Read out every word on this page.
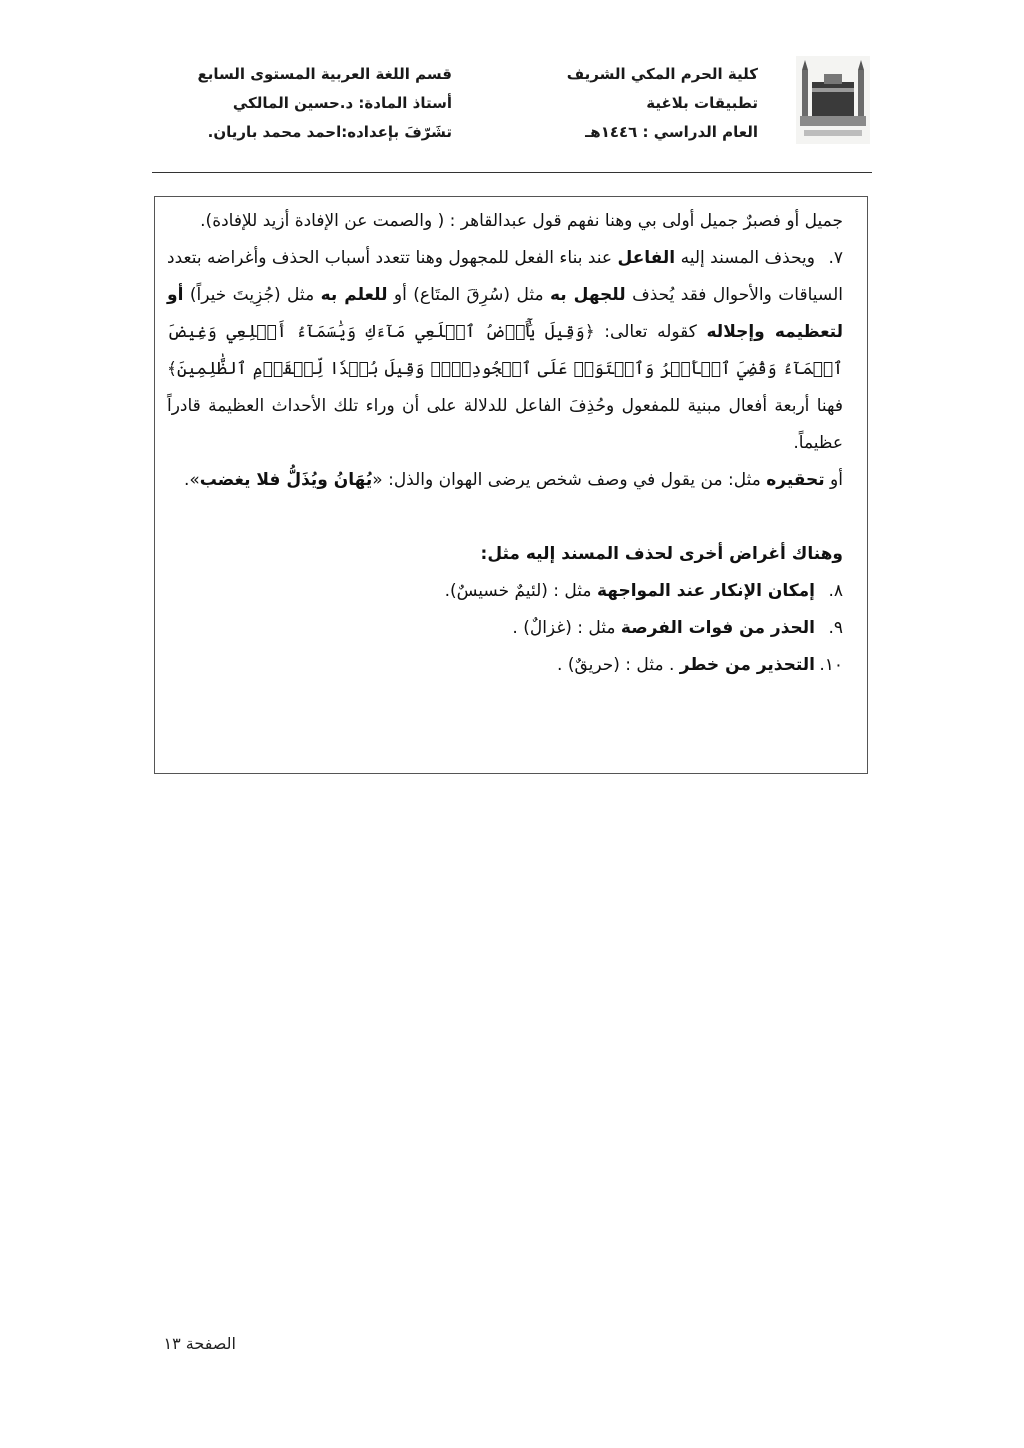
كلية الحرم المكي الشريف
تطبيقات بلاغية
العام الدراسي : ١٤٤٦هـ
قسم اللغة العربية المستوى السابع
أستاذ المادة: د.حسين المالكي
تشَرّفَ بإعداده:احمد محمد باريان.

جميل أو فصبرٌ جميل أولى بي وهنا نفهم قول عبدالقاهر : ( والصمت عن الإفادة أزيد للإفادة).

٧.ويحذف المسند إليه الفاعل عند بناء الفعل للمجهول وهنا تتعدد أسباب الحذف وأغراضه بتعدد السياقات والأحوال فقد يُحذف للجهل به مثل (سُرِقَ المتَاع) أو للعلم به مثل (جُزِيتَ خيراً) أو لتعظيمه وإجلاله كقوله تعالى: ﴿وَقِيلَ يَٰٓأَرۡضُ ٱبۡلَعِي مَآءَكِ وَيَٰسَمَآءُ أَقۡلِعِي وَغِيضَ ٱلۡمَآءُ وَقُضِيَ ٱلۡأَمۡرُ وَٱسۡتَوَتۡ عَلَى ٱلۡجُودِيِّۖ وَقِيلَ بُعۡدٗا لِّلۡقَوۡمِ ٱلظَّٰلِمِينَ﴾ فهنا أربعة أفعال مبنية للمفعول وحُذِفَ الفاعل للدلالة على أن وراء تلك الأحداث العظيمة قادراً عظيماً.

أو تحقيره مثل: من يقول في وصف شخص يرضى الهوان والذل: «يُهَانُ ويُذَلُّ فلا يغضب».

وهناك أغراض أخرى لحذف المسند إليه مثل:

٨.إمكان الإنكار عند المواجهة مثل : (لئيمٌ خسيسٌ).

٩.الحذر من فوات الفرصة مثل : (غزالٌ) .

١٠.التحذير من خطر . مثل : (حريقٌ) .

الصفحة ١٣
